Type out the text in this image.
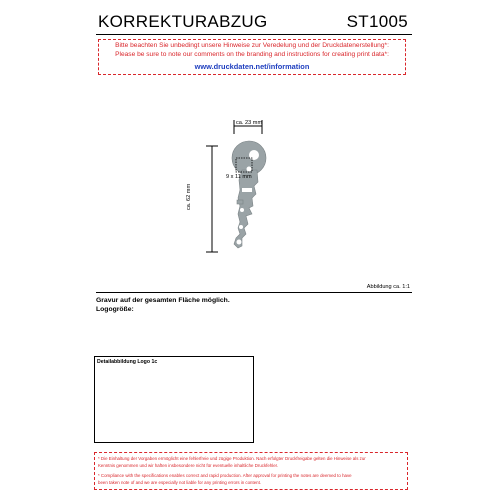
KORREKTURABZUG	ST1005
Bitte beachten Sie unbedingt unsere Hinweise zur Veredelung und der Druckdatenerstellung*:
Please be sure to note our comments on the branding and instructions for creating print data*:
www.druckdaten.net/information
ca. 23 mm
ca. 62 mm
9 x 11 mm
Abbildung ca. 1:1
Gravur auf der gesamten Fläche möglich.
Logogröße:
Detailabbildung Logo 1c
* Die Einhaltung der Vorgaben ermöglicht eine fehlerfreie und zügige Produktion. Nach erfolgter Druckfreigabe gelten die Hinweise als zur
Kenntnis genommen und wir haften insbesondere nicht für eventuelle inhaltliche Druckfehler.
* Compliance with the specifications enables correct and rapid production. After approval for printing the notes are deemed to have
been taken note of and we are especially not liable for any printing errors in content.
